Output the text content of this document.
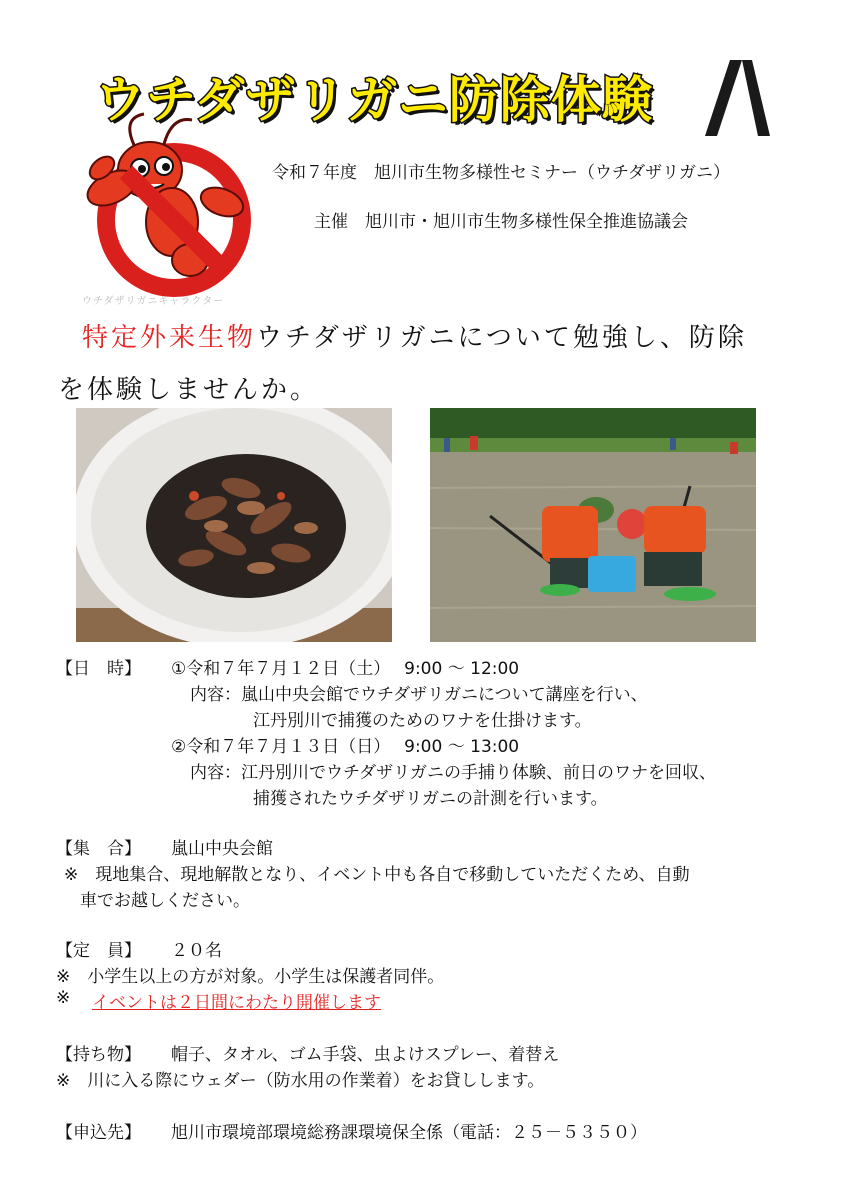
ウチダザリガニ防除体験
ウチダザリガニキャラクター
令和７年度　旭川市生物多様性セミナー（ウチダザリガニ）
主催　旭川市・旭川市生物多様性保全推進協議会
特定外来生物ウチダザリガニについて勉強し、防除
を体験しませんか。
【日　時】 ①令和７年７月１２日（土）　 9:00 ～ 12:00
内容：嵐山中央会館でウチダザリガニについて講座を行い、
江丹別川で捕獲のためのワナを仕掛けます。
②令和７年７月１３日（日）　 9:00 ～ 13:00
内容：江丹別川でウチダザリガニの手捕り体験、前日のワナを回収、
捕獲されたウチダザリガニの計測を行います。
【集　合】 嵐山中央会館
※　現地集合、現地解散となり、イベント中も各自で移動していただくため、自動
車でお越しください。
【定　員】 ２０名
※　小学生以上の方が対象。小学生は保護者同伴。
※ イベントは２日間にわたり開催します
【持ち物】 帽子、タオル、ゴム手袋、虫よけスプレー、着替え
※　川に入る際にウェダー（防水用の作業着）をお貸しします。
【申込先】 旭川市環境部環境総務課環境保全係（電話：２５－５３５０）
